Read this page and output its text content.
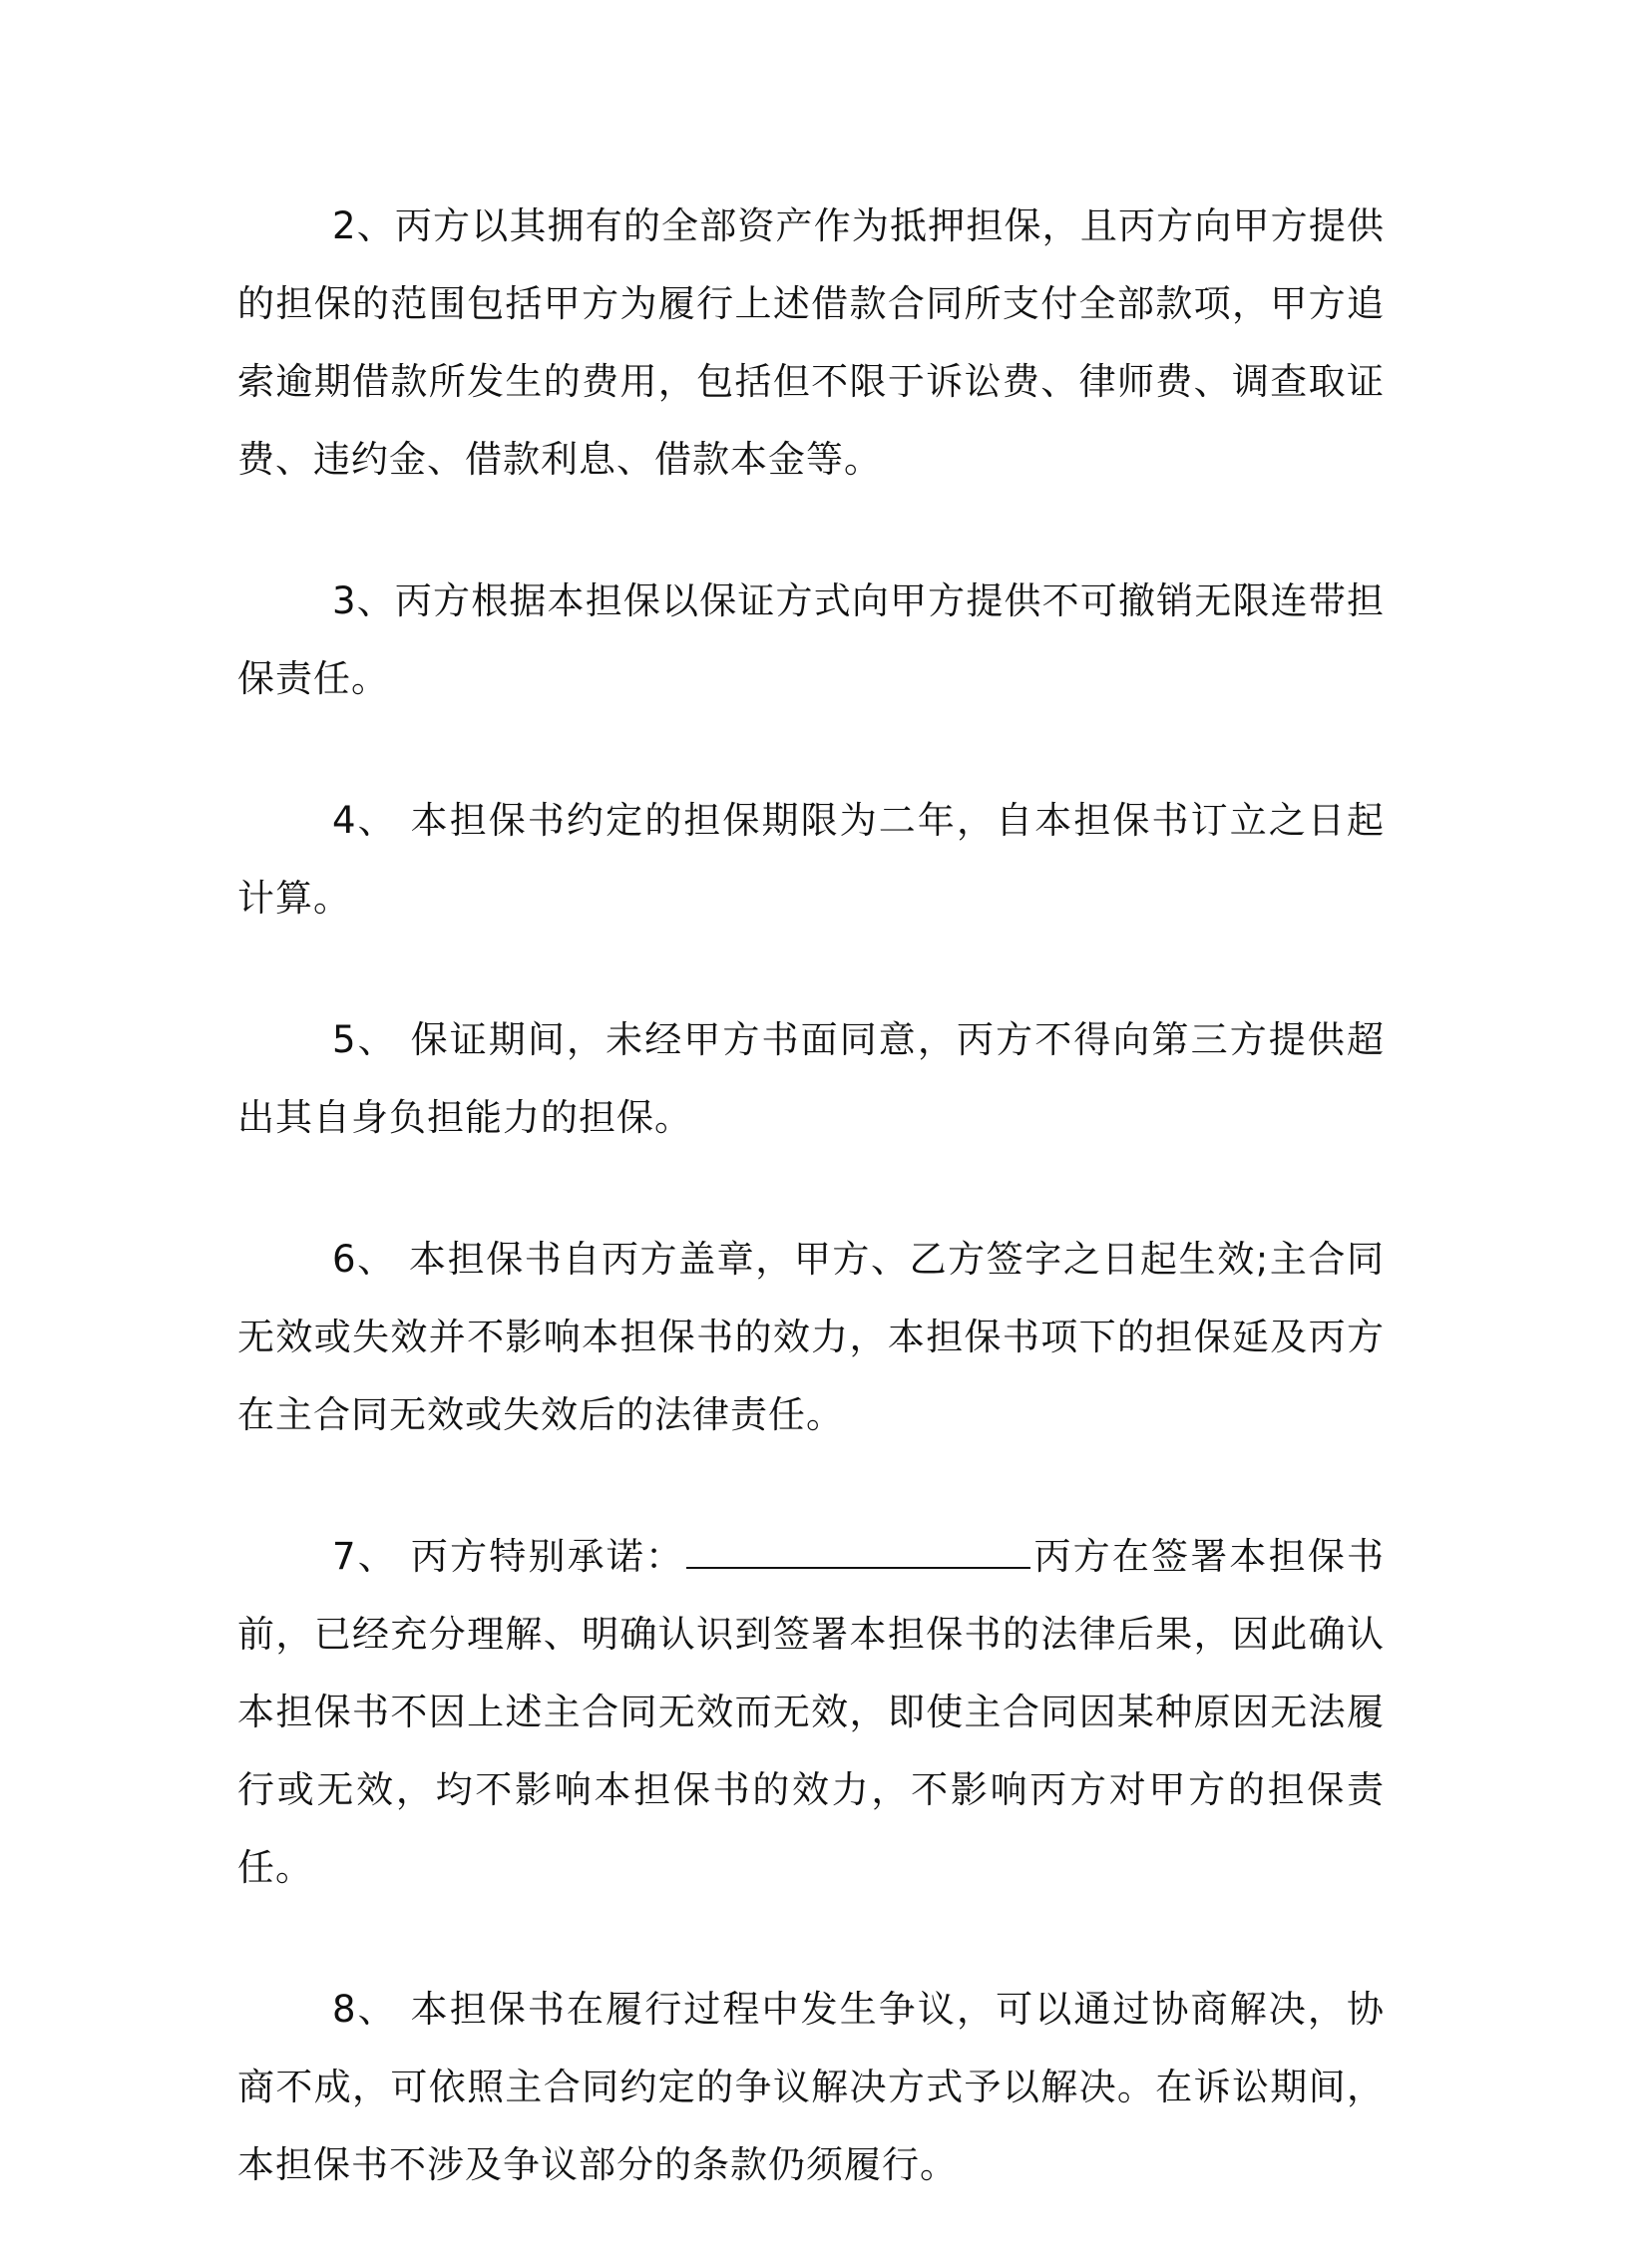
2、丙方以其拥有的全部资产作为抵押担保，且丙方向甲方提供的担保的范围包括甲方为履行上述借款合同所支付全部款项，甲方追索逾期借款所发生的费用，包括但不限于诉讼费、律师费、调查取证费、违约金、借款利息、借款本金等。

3、丙方根据本担保以保证方式向甲方提供不可撤销无限连带担保责任。

4、 本担保书约定的担保期限为二年，自本担保书订立之日起计算。

5、 保证期间，未经甲方书面同意，丙方不得向第三方提供超出其自身负担能力的担保。

6、 本担保书自丙方盖章，甲方、乙方签字之日起生效;主合同无效或失效并不影响本担保书的效力，本担保书项下的担保延及丙方在主合同无效或失效后的法律责任。

7、 丙方特别承诺：	丙方在签署本担保书前，已经充分理解、明确认识到签署本担保书的法律后果，因此确认本担保书不因上述主合同无效而无效，即使主合同因某种原因无法履行或无效，均不影响本担保书的效力，不影响丙方对甲方的担保责任。

8、 本担保书在履行过程中发生争议，可以通过协商解决，协商不成，可依照主合同约定的争议解决方式予以解决。在诉讼期间，本担保书不涉及争议部分的条款仍须履行。
